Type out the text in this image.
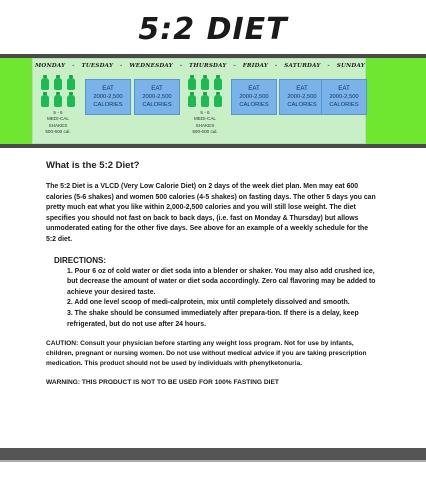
5:2 DIET
MONDAY - TUESDAY - WEDNESDAY - THURSDAY - FRIDAY - SATURDAY - SUNDAY
5 - 6
MEDI-CAL
SHAKES
500-600 cal.
EAT
2000-2,500
CALORIES
EAT
2000-2,500
CALORIES
5 - 6
MEDI-CAL
SHAKES
500-600 cal.
EAT
2000-2,500
CALORIES
EAT
2000-2,500
CALORIES
EAT
2000-2,500
CALORIES
What is the 5:2 Diet?
The 5:2 Diet is a VLCD (Very Low Calorie Diet) on 2 days of the week diet plan. Men may eat 600 calories (5-6 shakes) and women 500 calories (4-5 shakes) on fasting days. The other 5 days you can pretty much eat what you like within 2,000-2,500 calories and you will still lose weight. The diet specifies you should not fast on back to back days, (i.e. fast on Monday & Thursday) but allows unmoderated eating for the other five days. See above for an example of a weekly schedule for the 5:2 diet.
DIRECTIONS:

1. Pour 6 oz of cold water or diet soda into a blender or shaker. You may also add crushed ice, but decrease the amount of water or diet soda accordingly. Zero cal flavoring may be added to achieve your desired taste.

2. Add one level scoop of medi-calprotein, mix until completely dissolved and smooth.

3. The shake should be consumed immediately after prepara-tion. If there is a delay, keep refrigerated, but do not use after 24 hours.

CAUTION: Consult your physician before starting any weight loss program. Not for use by infants, children, pregnant or nursing women. Do not use without medical advice if you are taking prescription medication. This product should not be used by individuals with phenylketonuria.
WARNING: THIS PRODUCT IS NOT TO BE USED FOR 100% FASTING DIET
